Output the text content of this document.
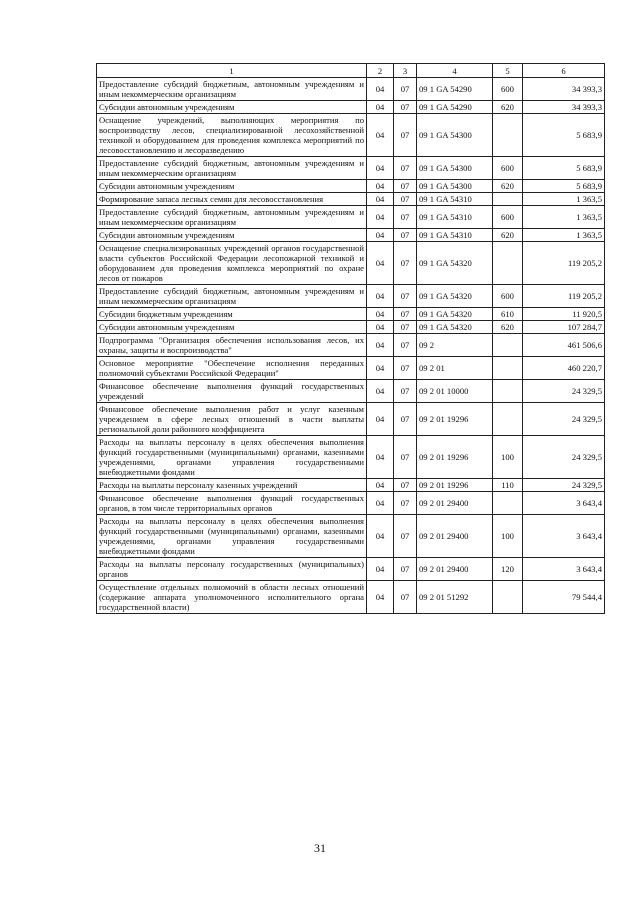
1	2	3	4	5	6
Предоставление субсидий бюджетным, автономным учреждениям и иным некоммерческим организациям	04	07	09 1 GA 54290	600	34 393,3
Субсидии автономным учреждениям	04	07	09 1 GA 54290	620	34 393,3
Оснащение учреждений, выполняющих мероприятия по воспроизводству лесов, специализированной лесохозяйственной техникой и оборудованием для проведения комплекса мероприятий по лесовосстановлению и лесоразведению	04	07	09 1 GA 54300		5 683,9
Предоставление субсидий бюджетным, автономным учреждениям и иным некоммерческим организациям	04	07	09 1 GA 54300	600	5 683,9
Субсидии автономным учреждениям	04	07	09 1 GA 54300	620	5 683,9
Формирование запаса лесных семян для лесовосстановления	04	07	09 1 GA 54310		1 363,5
Предоставление субсидий бюджетным, автономным учреждениям и иным некоммерческим организациям	04	07	09 1 GA 54310	600	1 363,5
Субсидии автономным учреждениям	04	07	09 1 GA 54310	620	1 363,5
Оснащение специализированных учреждений органов государственной власти субъектов Российской Федерации лесопожарной техникой и оборудованием для проведения комплекса мероприятий по охране лесов от пожаров	04	07	09 1 GA 54320		119 205,2
Предоставление субсидий бюджетным, автономным учреждениям и иным некоммерческим организациям	04	07	09 1 GA 54320	600	119 205,2
Субсидии бюджетным учреждениям	04	07	09 1 GA 54320	610	11 920,5
Субсидии автономным учреждениям	04	07	09 1 GA 54320	620	107 284,7
Подпрограмма "Организация обеспечения использования лесов, их охраны, защиты и воспроизводства"	04	07	09 2		461 506,6
Основное мероприятие "Обеспечение исполнения переданных полномочий субъектами Российской Федерации"	04	07	09 2 01		460 220,7
Финансовое обеспечение выполнения функций государственных учреждений	04	07	09 2 01 10000		24 329,5
Финансовое обеспечение выполнения работ и услуг казенным учреждением в сфере лесных отношений в части выплаты региональной доли районного коэффициента	04	07	09 2 01 19296		24 329,5
Расходы на выплаты персоналу в целях обеспечения выполнения функций государственными (муниципальными) органами, казенными учреждениями, органами управления государственными внебюджетными фондами	04	07	09 2 01 19296	100	24 329,5
Расходы на выплаты персоналу казенных учреждений	04	07	09 2 01 19296	110	24 329,5
Финансовое обеспечение выполнения функций государственных органов, в том числе территориальных органов	04	07	09 2 01 29400		3 643,4
Расходы на выплаты персоналу в целях обеспечения выполнения функций государственными (муниципальными) органами, казенными учреждениями, органами управления государственными внебюджетными фондами	04	07	09 2 01 29400	100	3 643,4
Расходы на выплаты персоналу государственных (муниципальных) органов	04	07	09 2 01 29400	120	3 643,4
Осуществление отдельных полномочий в области лесных отношений (содержание аппарата уполномоченного исполнительного органа государственной власти)	04	07	09 2 01 51292		79 544,4
31
